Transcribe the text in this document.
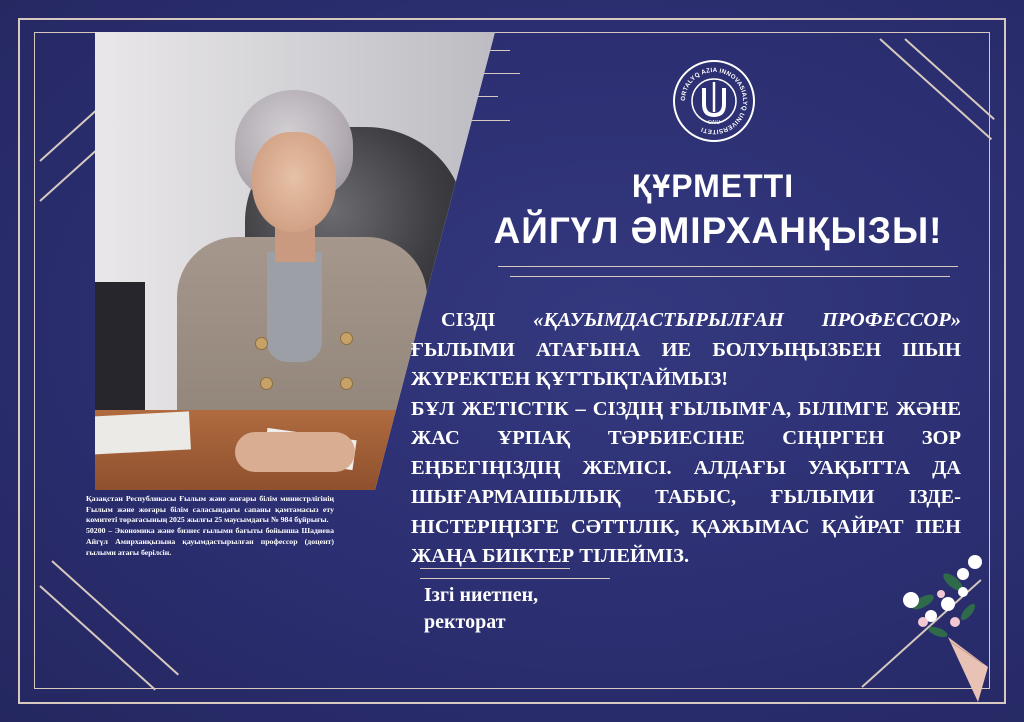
ORTALYQ AZIA INNOVASIALYQ UNIVERSITETI
OAIU
ҚҰРМЕТТІ
АЙГҮЛ ӘМІРХАНҚЫЗЫ!

СІЗДІ «ҚАУЫМДАСТЫРЫЛҒАН ПРОФЕССОР» ҒЫЛЫМИ АТАҒЫНА ИЕ БОЛУЫҢЫЗБЕН ШЫН ЖҮРЕКТЕН ҚҰТТЫҚТАЙМЫЗ!

БҰЛ ЖЕТІСТІК – СІЗДІҢ ҒЫЛЫМҒА, БІЛІМГЕ ЖӘНЕ ЖАС ҰРПАҚ ТӘРБИЕСІНЕ СІҢІРГЕН ЗОР ЕҢБЕГІҢІЗДІҢ ЖЕМІСІ. АЛДАҒЫ УАҚЫТТА ДА ШЫҒАРМАШЫЛЫҚ ТАБЫС, ҒЫЛЫМИ ІЗДЕ-НІСТЕРІҢІЗГЕ СӘТТІЛІК, ҚАЖЫМАС ҚАЙРАТ ПЕН ЖАҢА БИІКТЕР ТІЛЕЙМІЗ.

Ізгі ниетпен,
ректорат

Қазақстан Республикасы Ғылым және жоғары білім министрлігінің Ғылым және жоғары білім саласындағы сапаны қамтамасыз ету комитеті төрағасының 2025 жылғы 25 маусымдағы № 984 бұйрығы.

50200 – Экономика және бизнес ғылыми бағыты бойынша Шадиева Айгүл Амирханқызына қауымдастырылған профессор (доцент) ғылыми атағы берілсін.
